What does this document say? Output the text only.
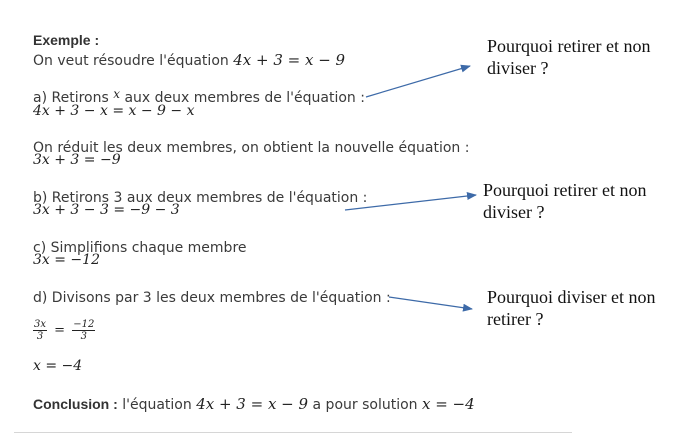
Exemple :
On veut résoudre l'équation 4x + 3 = x − 9
a) Retirons x aux deux membres de l'équation :
4x + 3 − x = x − 9 − x
On réduit les deux membres, on obtient la nouvelle équation :
3x + 3 = −9
b) Retirons 3 aux deux membres de l'équation :
3x + 3 − 3 = −9 − 3
c) Simplifions chaque membre
3x = −12
d) Divisons par 3 les deux membres de l'équation :
$\frac{3x}{3} = \frac{-12}{3}$
x = −4
Conclusion : l'équation 4x + 3 = x − 9 a pour solution x = −4
Pourquoi retirer et non diviser ?
Pourquoi retirer et non diviser ?
Pourquoi diviser et non retirer ?
